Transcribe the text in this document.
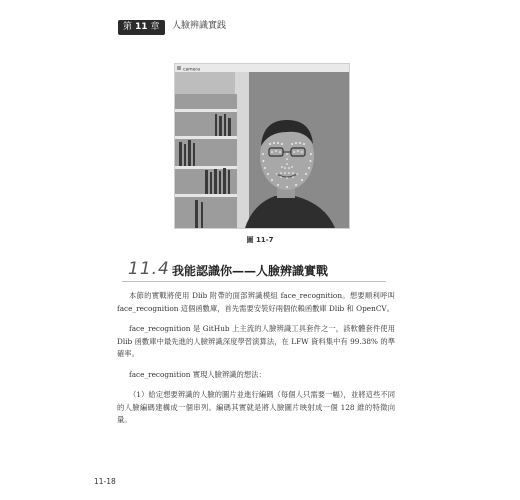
第 11 章	人臉辨識實践
camera
圖 11-7
11.4 我能認識你——人臉辨識實戰

本節的實戰將使用 Dlib 附帶的面部辨識模組 face_recognition。想要順利呼叫 face_recognition 這個函數庫，首先需要安裝好兩個依賴函數庫 Dlib 和 OpenCV。

face_recognition 是 GitHub 上主流的人臉辨識工具套件之一，該軟體套件使用 Dlib 函數庫中最先進的人臉辨識深度學習演算法，在 LFW 資料集中有 99.38% 的準確率。

face_recognition 實現人臉辨識的想法：

（1）給定想要辨識的人臉的圖片並進行編碼（每個人只需要一幅），並將這些不同的人臉編碼建構成一個串列。編碼其實就是將人臉圖片映射成一個 128 維的特徵向量。

11-18
